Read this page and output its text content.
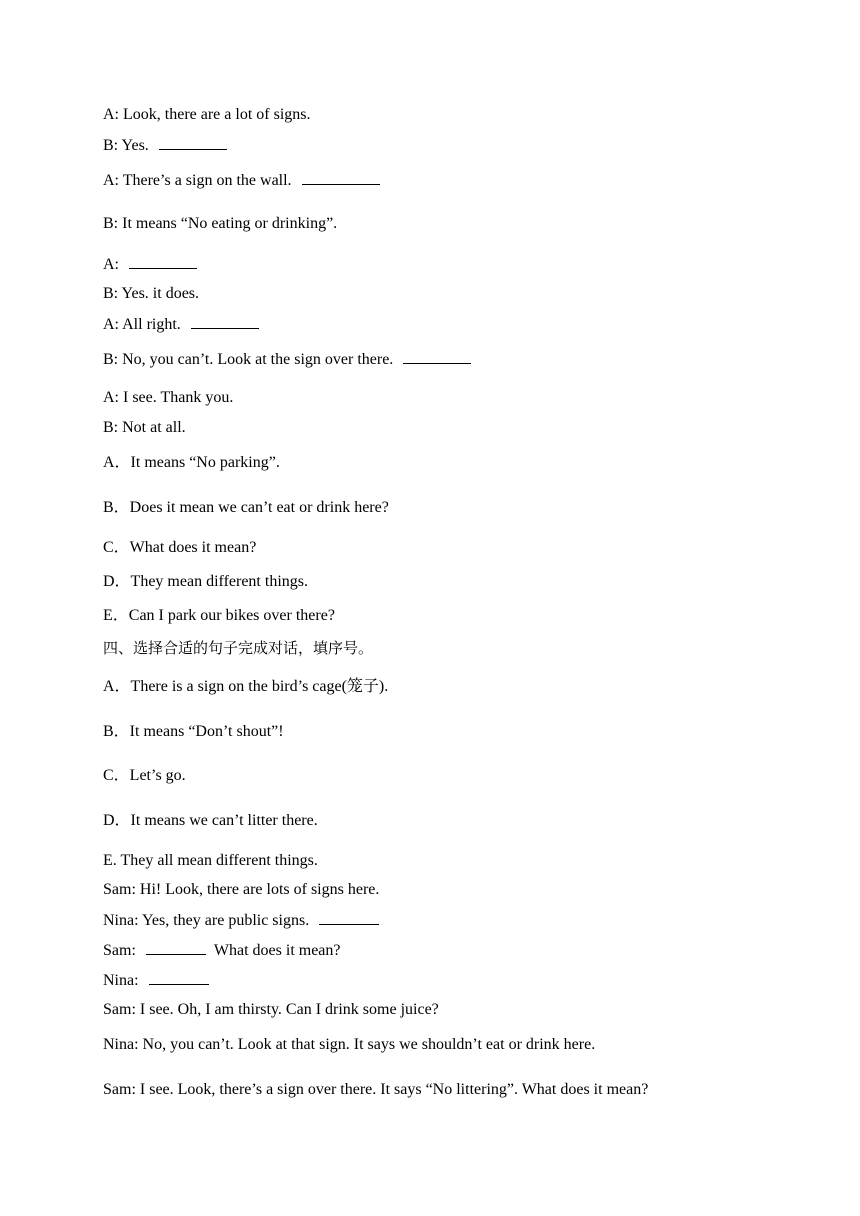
A: Look, there are a lot of signs.
B: Yes.
A: There’s a sign on the wall.
B: It means “No eating or drinking”.
A:
B: Yes. it does.
A: All right.
B: No, you can’t. Look at the sign over there.
A: I see. Thank you.
B: Not at all.
A．It means “No parking”.
B．Does it mean we can’t eat or drink here?
C．What does it mean?
D．They mean different things.
E．Can I park our bikes over there?
四、选择合适的句子完成对话，填序号。
A．There is a sign on the bird’s cage(笼子).
B．It means “Don’t shout”!
C．Let’s go.
D．It means we can’t litter there.
E. They all mean different things.
Sam: Hi! Look, there are lots of signs here.
Nina: Yes, they are public signs.
Sam:	What does it mean?
Nina:
Sam: I see. Oh, I am thirsty. Can I drink some juice?
Nina: No, you can’t. Look at that sign. It says we shouldn’t eat or drink here.
Sam: I see. Look, there’s a sign over there. It says “No littering”. What does it mean?
